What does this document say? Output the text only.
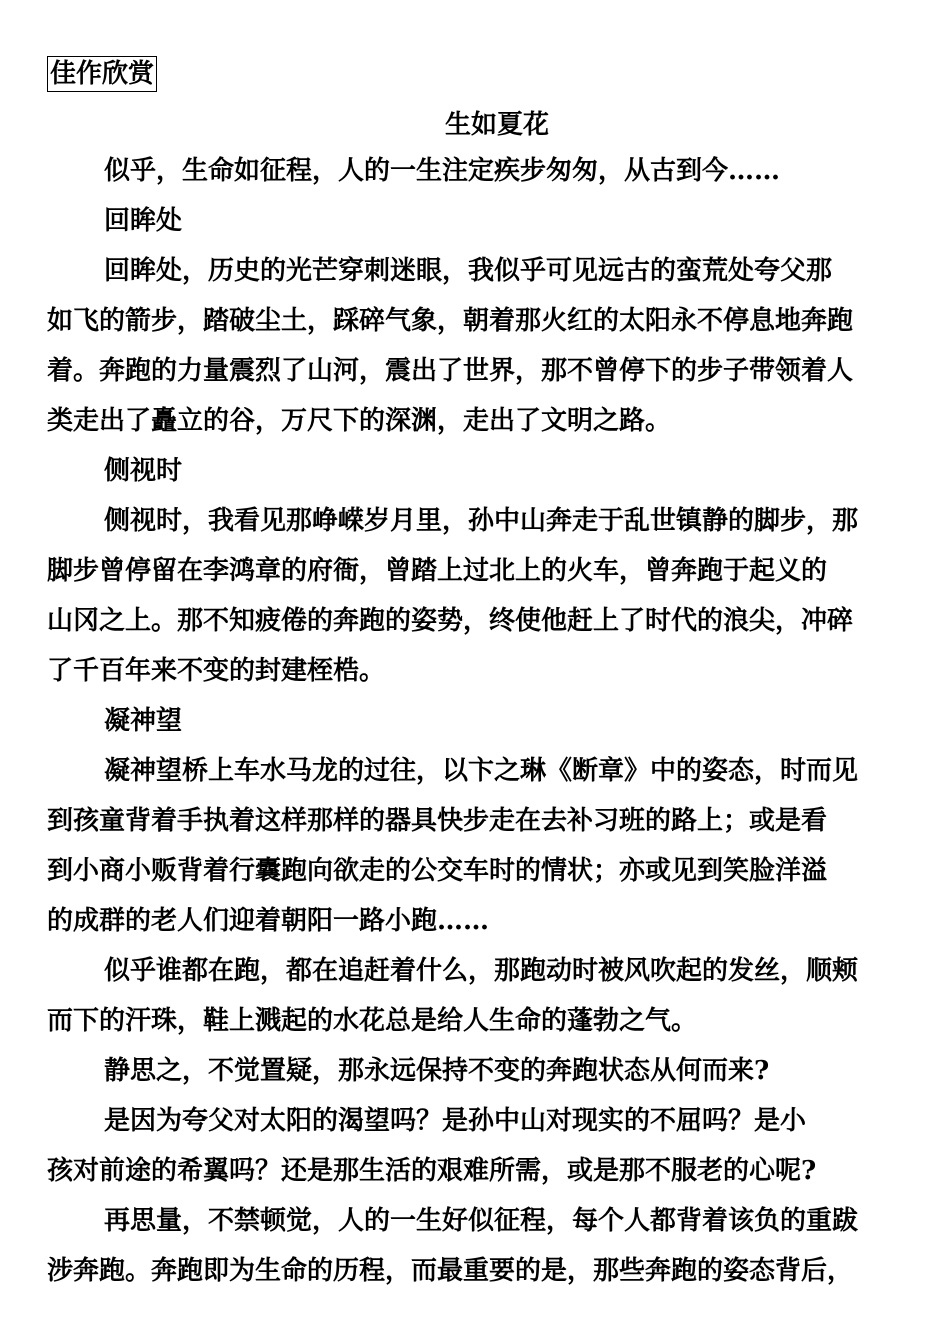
佳作欣赏
生如夏花
似乎，生命如征程，人的一生注定疾步匆匆，从古到今……
回眸处
回眸处，历史的光芒穿刺迷眼，我似乎可见远古的蛮荒处夸父那
如飞的箭步，踏破尘土，踩碎气象，朝着那火红的太阳永不停息地奔跑
着。奔跑的力量震烈了山河，震出了世界，那不曾停下的步子带领着人
类走出了矗立的谷，万尺下的深渊，走出了文明之路。
侧视时
侧视时，我看见那峥嵘岁月里，孙中山奔走于乱世镇静的脚步，那
脚步曾停留在李鸿章的府衙，曾踏上过北上的火车，曾奔跑于起义的
山冈之上。那不知疲倦的奔跑的姿势，终使他赶上了时代的浪尖，冲碎
了千百年来不变的封建桎梏。
凝神望
凝神望桥上车水马龙的过往，以卞之琳《断章》中的姿态，时而见
到孩童背着手执着这样那样的器具快步走在去补习班的路上；或是看
到小商小贩背着行囊跑向欲走的公交车时的情状；亦或见到笑脸洋溢
的成群的老人们迎着朝阳一路小跑……
似乎谁都在跑，都在追赶着什么，那跑动时被风吹起的发丝，顺颊
而下的汗珠，鞋上溅起的水花总是给人生命的蓬勃之气。
静思之，不觉置疑，那永远保持不变的奔跑状态从何而来?
是因为夸父对太阳的渴望吗？是孙中山对现实的不屈吗？是小
孩对前途的希翼吗？还是那生活的艰难所需，或是那不服老的心呢?
再思量，不禁顿觉，人的一生好似征程，每个人都背着该负的重跋
涉奔跑。奔跑即为生命的历程，而最重要的是，那些奔跑的姿态背后，
